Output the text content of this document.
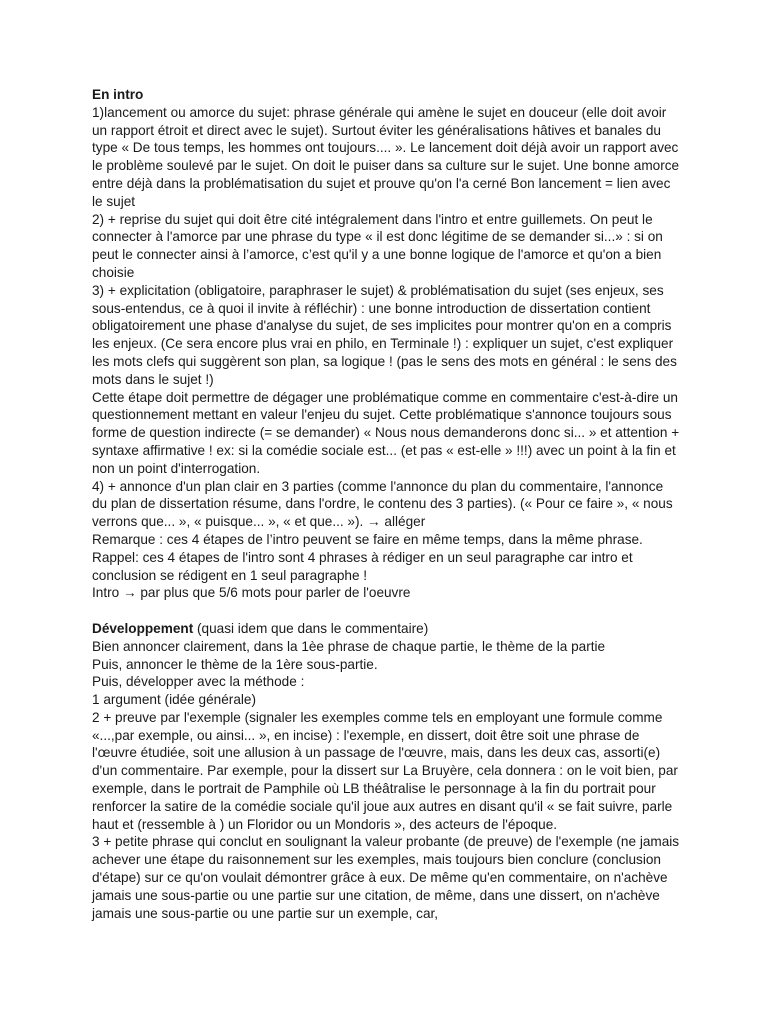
En intro

1)lancement ou amorce du sujet: phrase générale qui amène le sujet en douceur (elle doit avoir un rapport étroit et direct avec le sujet). Surtout éviter les généralisations hâtives et banales du type « De tous temps, les hommes ont toujours.... ». Le lancement doit déjà avoir un rapport avec le problème soulevé par le sujet. On doit le puiser dans sa culture sur le sujet. Une bonne amorce entre déjà dans la problématisation du sujet et prouve qu'on l'a cerné Bon lancement = lien avec le sujet

2) + reprise du sujet qui doit être cité intégralement dans l'intro et entre guillemets. On peut le connecter à l'amorce par une phrase du type « il est donc légitime de se demander si...» : si on peut le connecter ainsi à l’amorce, c’est qu'il y a une bonne logique de l'amorce et qu'on a bien choisie

3) + explicitation (obligatoire, paraphraser le sujet) & problématisation du sujet (ses enjeux, ses sous-entendus, ce à quoi il invite à réfléchir) : une bonne introduction de dissertation contient obligatoirement une phase d'analyse du sujet, de ses implicites pour montrer qu'on en a compris les enjeux. (Ce sera encore plus vrai en philo, en Terminale !) : expliquer un sujet, c'est expliquer les mots clefs qui suggèrent son plan, sa logique ! (pas le sens des mots en général : le sens des mots dans le sujet !)

Cette étape doit permettre de dégager une problématique comme en commentaire c'est-à-dire un questionnement mettant en valeur l'enjeu du sujet. Cette problématique s'annonce toujours sous forme de question indirecte (= se demander) « Nous nous demanderons donc si... » et attention + syntaxe affirmative ! ex: si la comédie sociale est... (et pas « est-elle » !!!) avec un point à la fin et non un point d'interrogation.

4) + annonce d'un plan clair en 3 parties (comme l'annonce du plan du commentaire, l'annonce du plan de dissertation résume, dans l'ordre, le contenu des 3 parties). (« Pour ce faire », « nous verrons que... », « puisque... », « et que... »). → alléger

Remarque : ces 4 étapes de l’intro peuvent se faire en même temps, dans la même phrase.

Rappel: ces 4 étapes de l'intro sont 4 phrases à rédiger en un seul paragraphe car intro et conclusion se rédigent en 1 seul paragraphe !

Intro → par plus que 5/6 mots pour parler de l'oeuvre

Développement (quasi idem que dans le commentaire)

Bien annoncer clairement, dans la 1èe phrase de chaque partie, le thème de la partie

Puis, annoncer le thème de la 1ère sous-partie.

Puis, développer avec la méthode :

1 argument (idée générale)

2 + preuve par l'exemple (signaler les exemples comme tels en employant une formule comme «...,par exemple, ou ainsi... », en incise) : l'exemple, en dissert, doit être soit une phrase de l'œuvre étudiée, soit une allusion à un passage de l'œuvre, mais, dans les deux cas, assorti(e) d'un commentaire. Par exemple, pour la dissert sur La Bruyère, cela donnera : on le voit bien, par exemple, dans le portrait de Pamphile où LB théâtralise le personnage à la fin du portrait pour renforcer la satire de la comédie sociale qu'il joue aux autres en disant qu'il « se fait suivre, parle haut et (ressemble à ) un Floridor ou un Mondoris », des acteurs de l'époque.

3 + petite phrase qui conclut en soulignant la valeur probante (de preuve) de l'exemple (ne jamais achever une étape du raisonnement sur les exemples, mais toujours bien conclure (conclusion d'étape) sur ce qu'on voulait démontrer grâce à eux. De même qu'en commentaire, on n'achève jamais une sous-partie ou une partie sur une citation, de même, dans une dissert, on n'achève jamais une sous-partie ou une partie sur un exemple, car,
